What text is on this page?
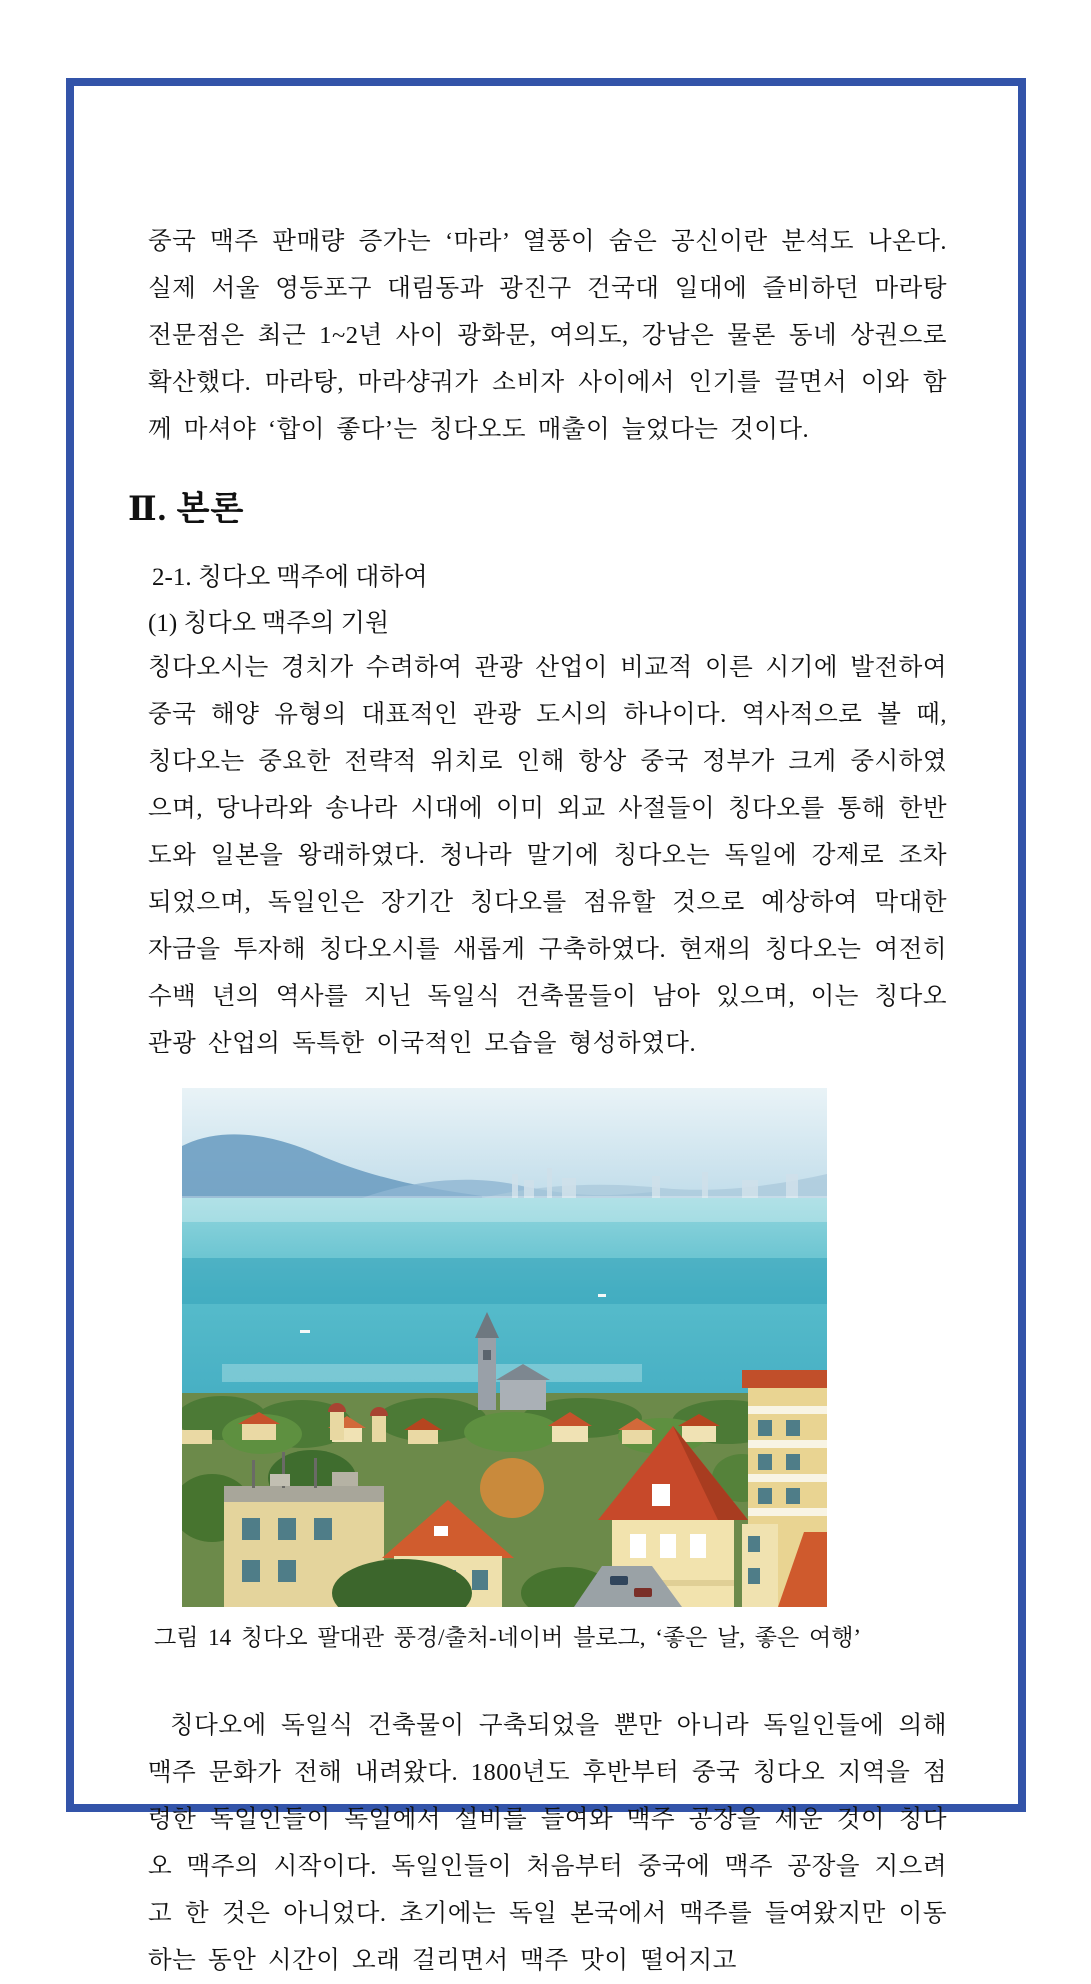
중국 맥주 판매량 증가는 ‘마라’ 열풍이 숨은 공신이란 분석도 나온다. 실제 서울 영등포구 대림동과 광진구 건국대 일대에 즐비하던 마라탕 전문점은 최근 1~2년 사이 광화문, 여의도, 강남은 물론 동네 상권으로 확산했다. 마라탕, 마라샹궈가 소비자 사이에서 인기를 끌면서 이와 함께 마셔야 ‘합이 좋다’는 칭다오도 매출이 늘었다는 것이다.

Ⅱ. 본론
2-1. 칭다오 맥주에 대하여
(1) 칭다오 맥주의 기원

칭다오시는 경치가 수려하여 관광 산업이 비교적 이른 시기에 발전하여 중국 해양 유형의 대표적인 관광 도시의 하나이다. 역사적으로 볼 때, 칭다오는 중요한 전략적 위치로 인해 항상 중국 정부가 크게 중시하였으며, 당나라와 송나라 시대에 이미 외교 사절들이 칭다오를 통해 한반도와 일본을 왕래하였다. 청나라 말기에 칭다오는 독일에 강제로 조차 되었으며, 독일인은 장기간 칭다오를 점유할 것으로 예상하여 막대한 자금을 투자해 칭다오시를 새롭게 구축하였다. 현재의 칭다오는 여전히 수백 년의 역사를 지닌 독일식 건축물들이 남아 있으며, 이는 칭다오 관광 산업의 독특한 이국적인 모습을 형성하였다.

그림 14 칭다오 팔대관 풍경/출처-네이버 블로그, ‘좋은 날, 좋은 여행’

칭다오에 독일식 건축물이 구축되었을 뿐만 아니라 독일인들에 의해 맥주 문화가 전해 내려왔다. 1800년도 후반부터 중국 칭다오 지역을 점령한 독일인들이 독일에서 설비를 들여와 맥주 공장을 세운 것이 칭다오 맥주의 시작이다. 독일인들이 처음부터 중국에 맥주 공장을 지으려고 한 것은 아니었다. 초기에는 독일 본국에서 맥주를 들여왔지만 이동하는 동안 시간이 오래 걸리면서 맥주 맛이 떨어지고
